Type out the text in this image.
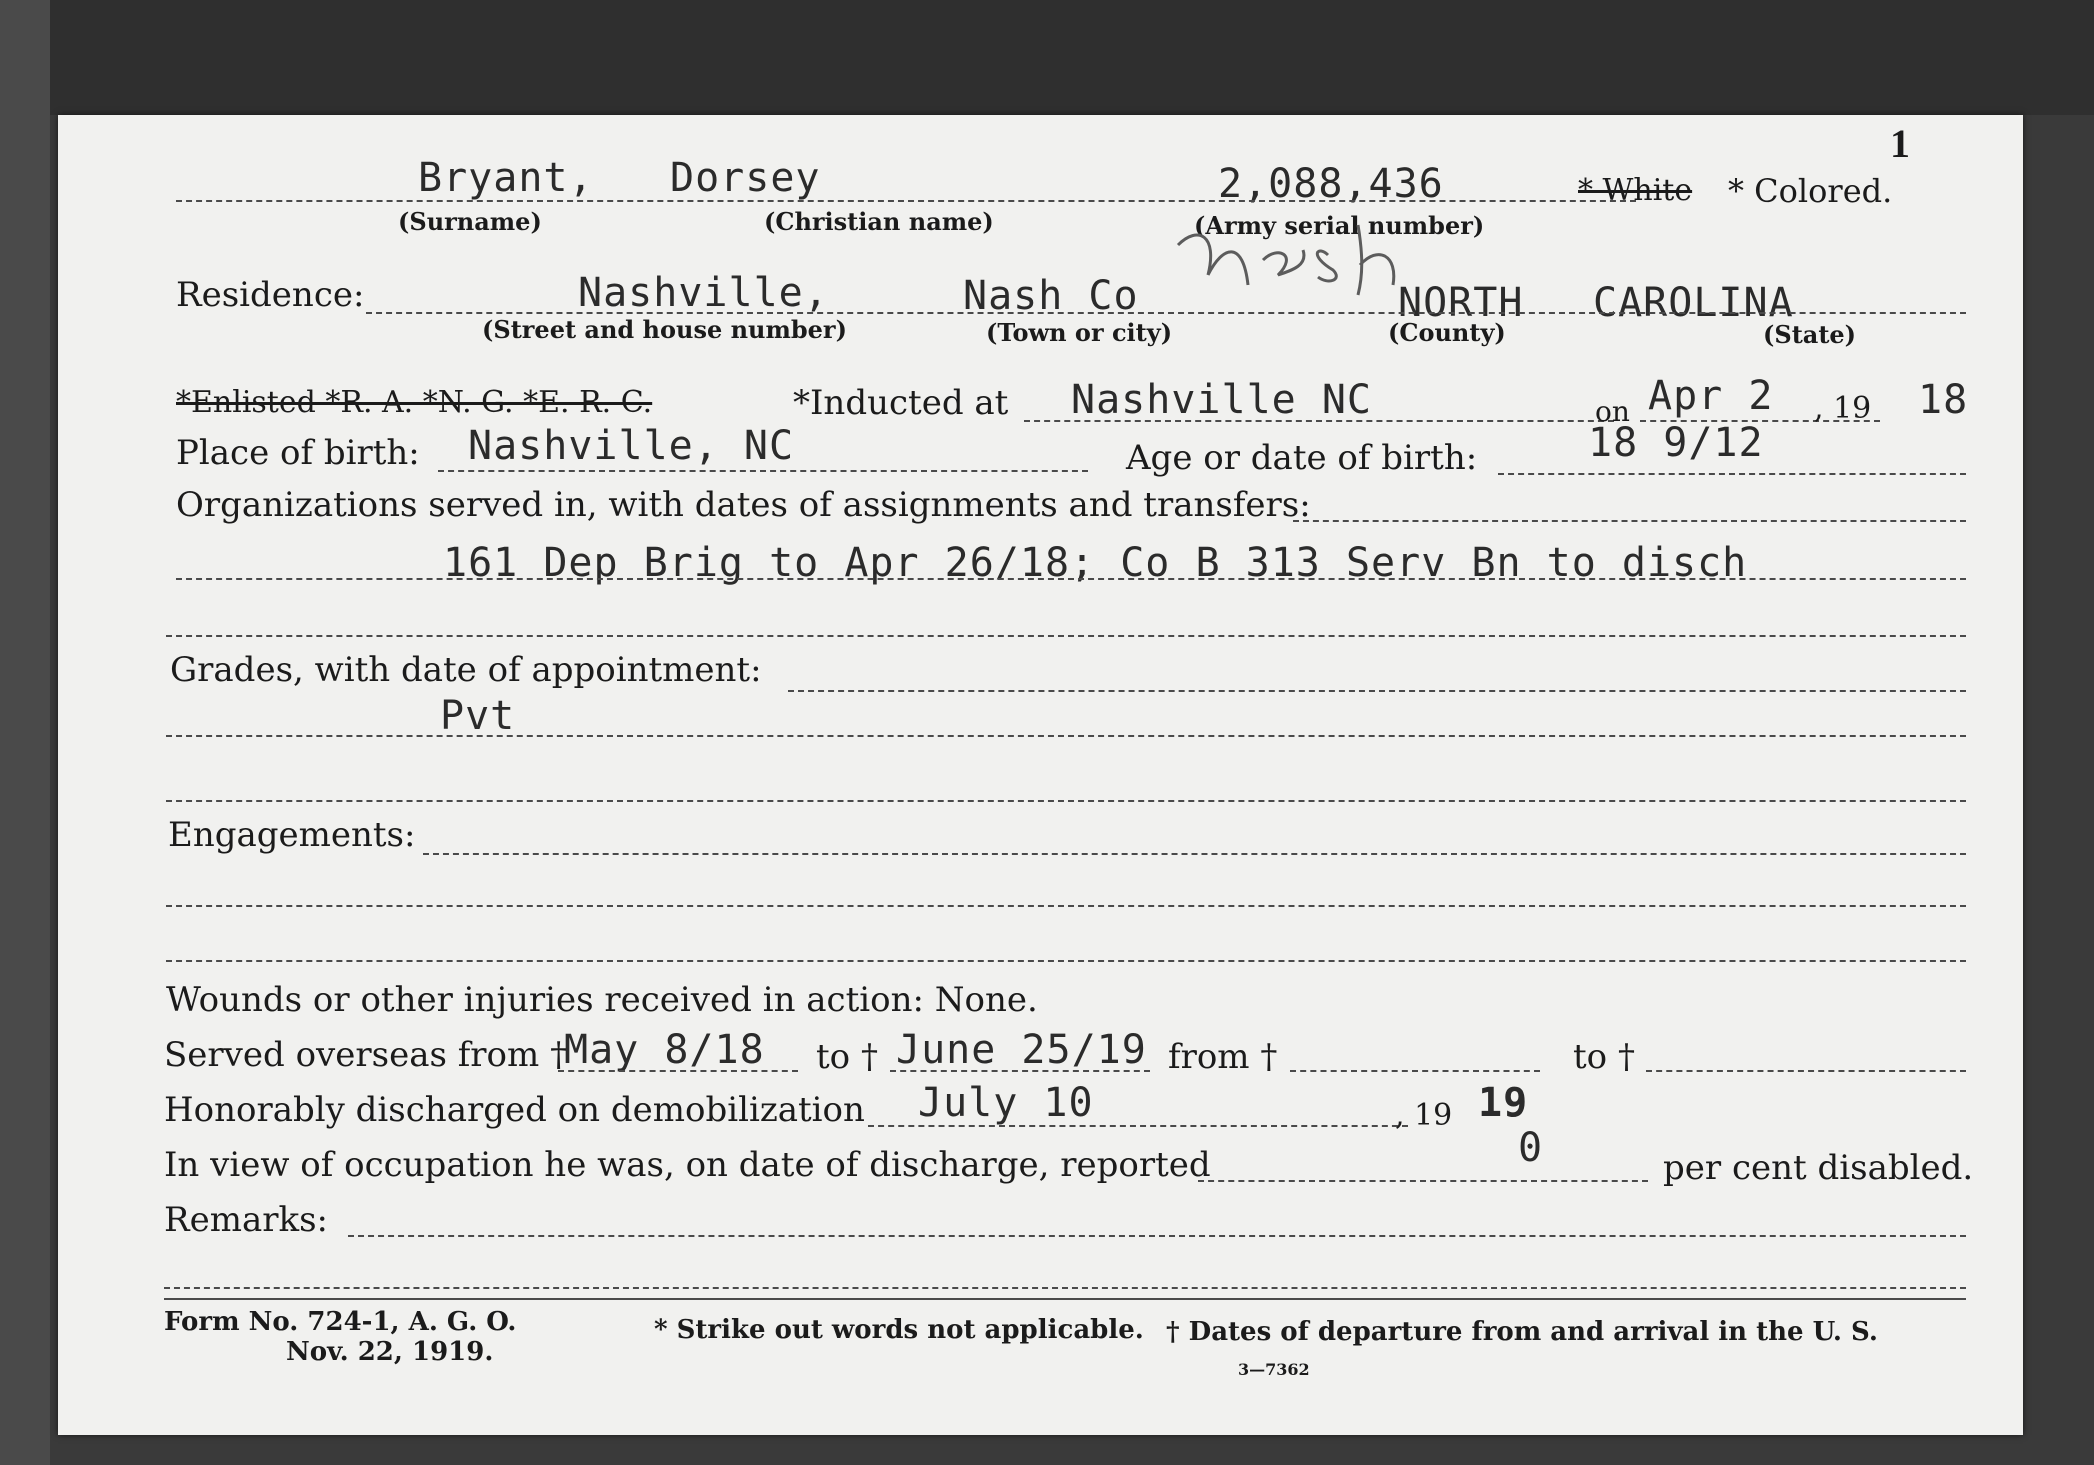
1
Bryant, Dorsey	2,088,436	* White * Colored.
(Surname)	(Christian name)	(Army serial number)
Residence:	Nashville,	Nash Co	NORTH CAROLINA
(Street and house number)	(Town or city)	(County)	(State)
*Enlisted *R. A. *N. G. *E. R. C.	*Inducted at Nashville NC	on Apr 2 , 19 18
Place of birth: Nashville, NC	Age or date of birth:	18 9/12
Organizations served in, with dates of assignments and transfers:
161 Dep Brig to Apr 26/18; Co B 313 Serv Bn to disch
Grades, with date of appointment:
Pvt
Engagements:
Wounds or other injuries received in action: None.
Served overseas from †
May 8/18 to † June 25/19 from †	to †
Honorably discharged on demobilization July 10	, 19 19
In view of occupation he was, on date of discharge, reported	0	per cent disabled.
Remarks:
Form No. 724-1, A. G. O.
Nov. 22, 1919.
* Strike out words not applicable. † Dates of departure from and arrival in the U. S.
3—7362
